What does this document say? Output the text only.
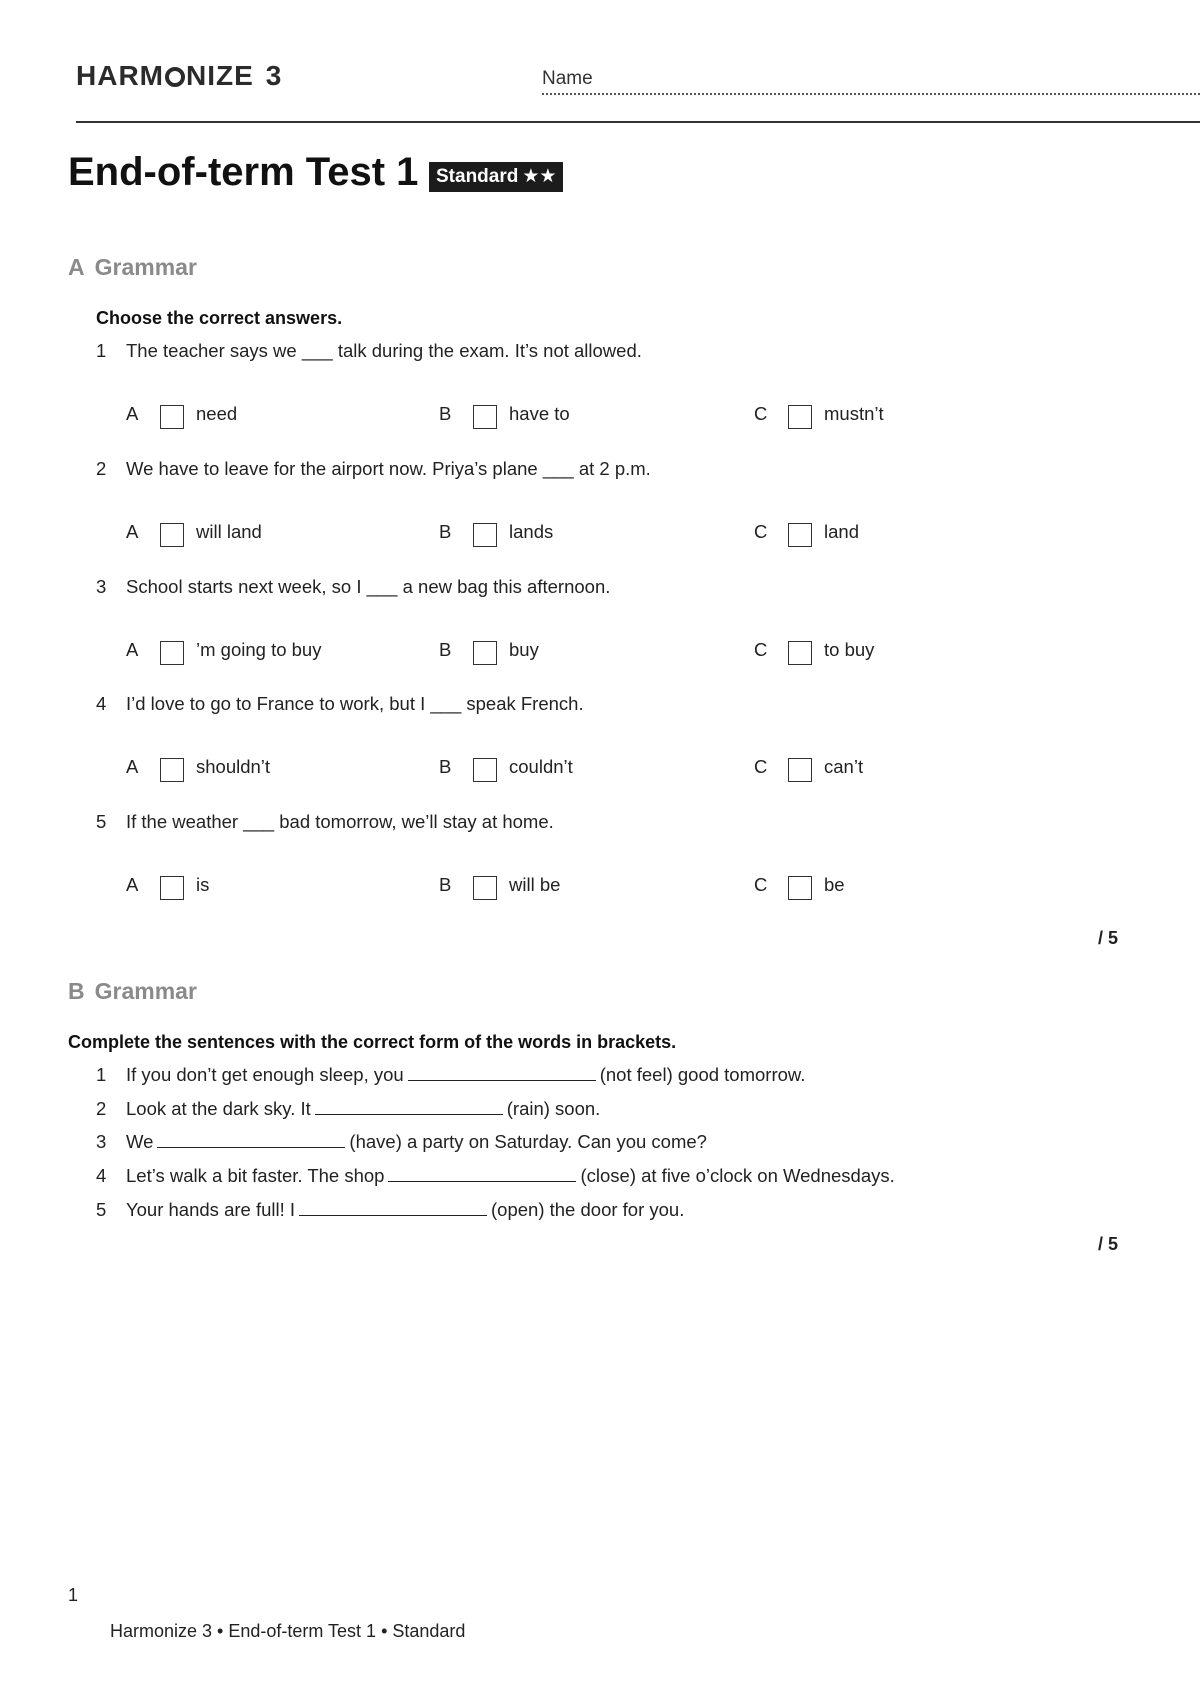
HARM NIZE 3	Name
End-of-term Test 1 Standard ★★
A Grammar
Choose the correct answers.
1 The teacher says we ___ talk during the exam. It’s not allowed.
A	need	B	have to	C	mustn’t
2 We have to leave for the airport now. Priya’s plane ___ at 2 p.m.
A	will land	B	lands	C	land
3 School starts next week, so I ___ a new bag this afternoon.
A	’m going to buy	B	buy	C	to buy
4 I’d love to go to France to work, but I ___ speak French.
A	shouldn’t	B	couldn’t	C	can’t
5 If the weather ___ bad tomorrow, we’ll stay at home.
A	is	B	will be	C	be
/ 5
B Grammar
Complete the sentences with the correct form of the words in brackets.
1 If you don’t get enough sleep, you	(not feel) good tomorrow.
2 Look at the dark sky. It	(rain) soon.
3 We	(have) a party on Saturday. Can you come?
4 Let’s walk a bit faster. The shop	(close) at five o’clock on Wednesdays.
5 Your hands are full! I	(open) the door for you.
/ 5
1
Harmonize 3 • End-of-term Test 1 • Standard
